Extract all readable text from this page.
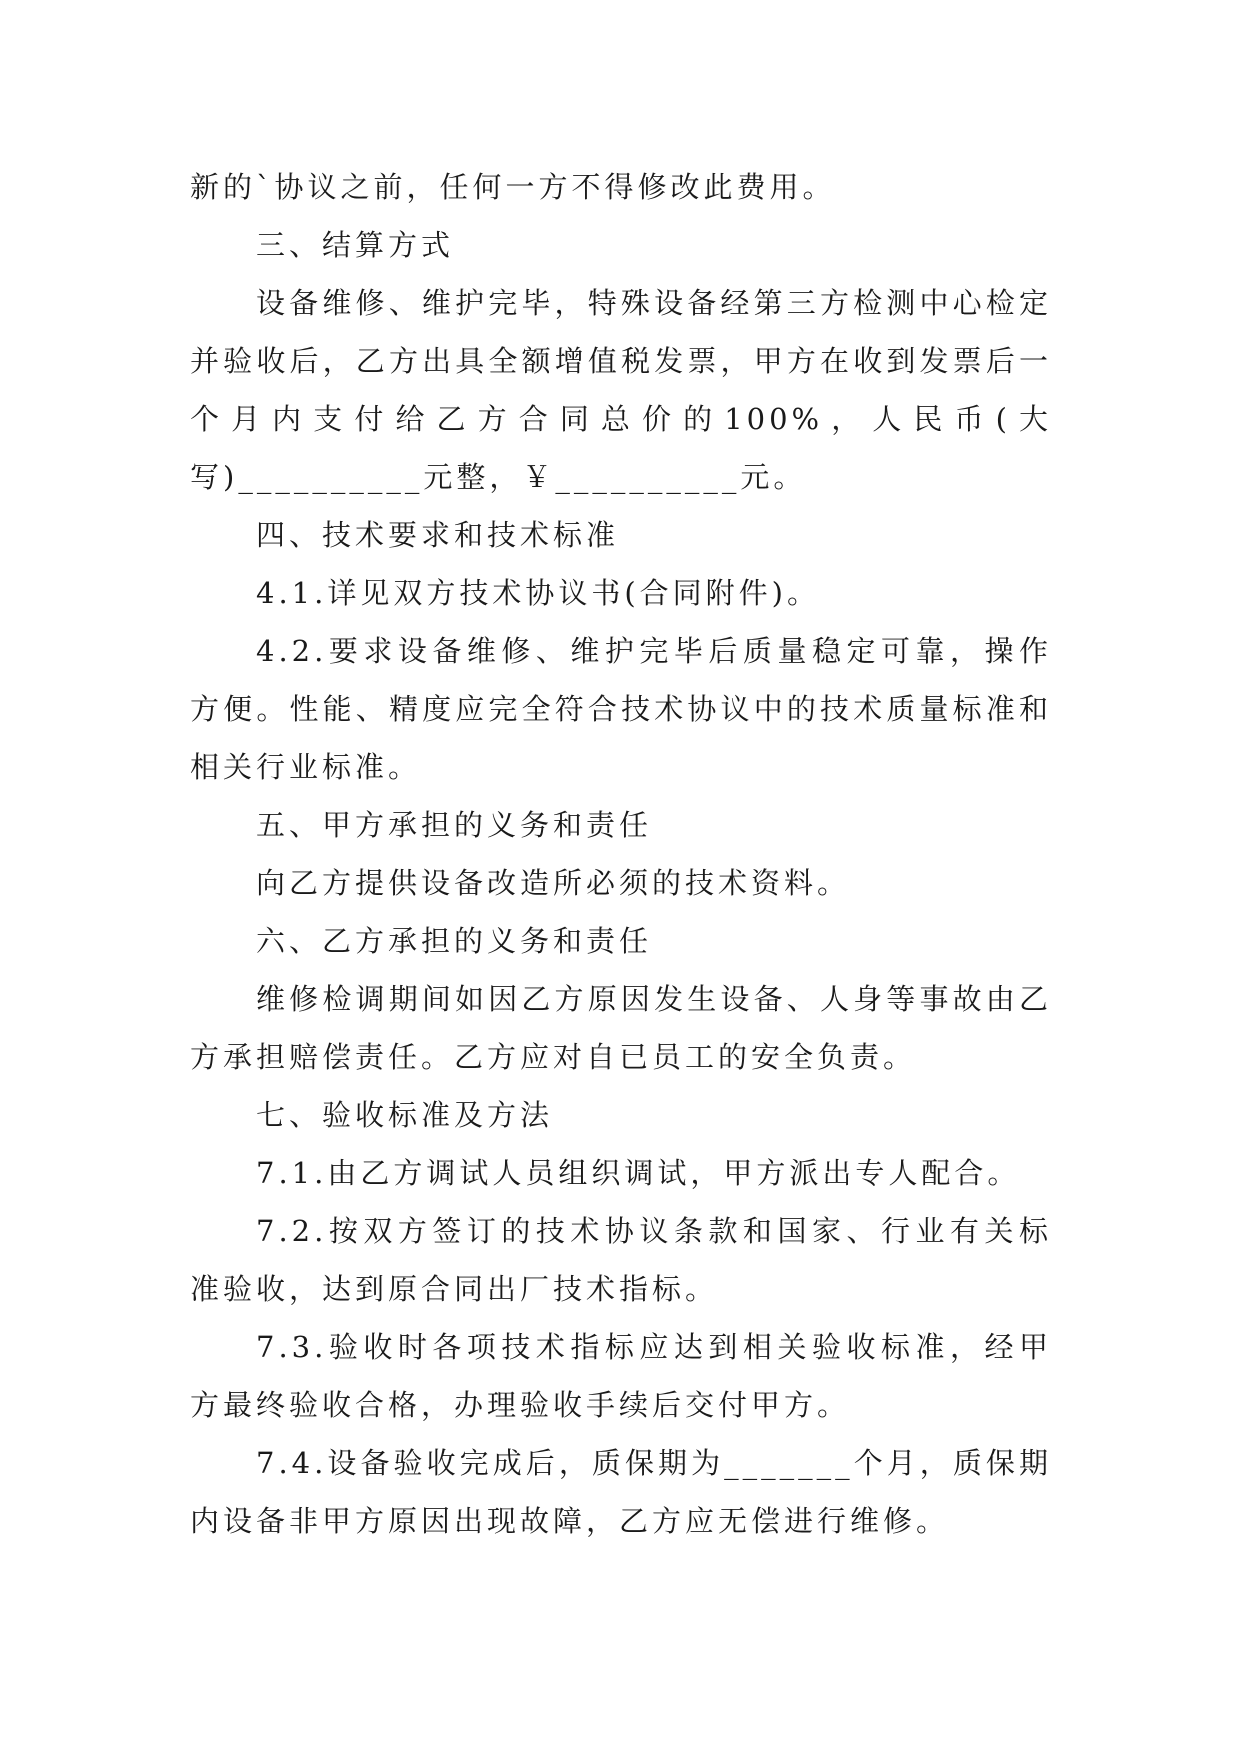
新的`协议之前，任何一方不得修改此费用。

三、结算方式

设备维修、维护完毕，特殊设备经第三方检测中心检定并验收后，乙方出具全额增值税发票，甲方在收到发票后一个月内支付给乙方合同总价的100%，人民币(大写)__________元整，￥__________元。

四、技术要求和技术标准

4.1.详见双方技术协议书(合同附件)。

4.2.要求设备维修、维护完毕后质量稳定可靠，操作方便。性能、精度应完全符合技术协议中的技术质量标准和相关行业标准。

五、甲方承担的义务和责任

向乙方提供设备改造所必须的技术资料。

六、乙方承担的义务和责任

维修检调期间如因乙方原因发生设备、人身等事故由乙方承担赔偿责任。乙方应对自已员工的安全负责。

七、验收标准及方法

7.1.由乙方调试人员组织调试，甲方派出专人配合。

7.2.按双方签订的技术协议条款和国家、行业有关标准验收，达到原合同出厂技术指标。

7.3.验收时各项技术指标应达到相关验收标准，经甲方最终验收合格，办理验收手续后交付甲方。

7.4.设备验收完成后，质保期为_______个月，质保期内设备非甲方原因出现故障，乙方应无偿进行维修。
